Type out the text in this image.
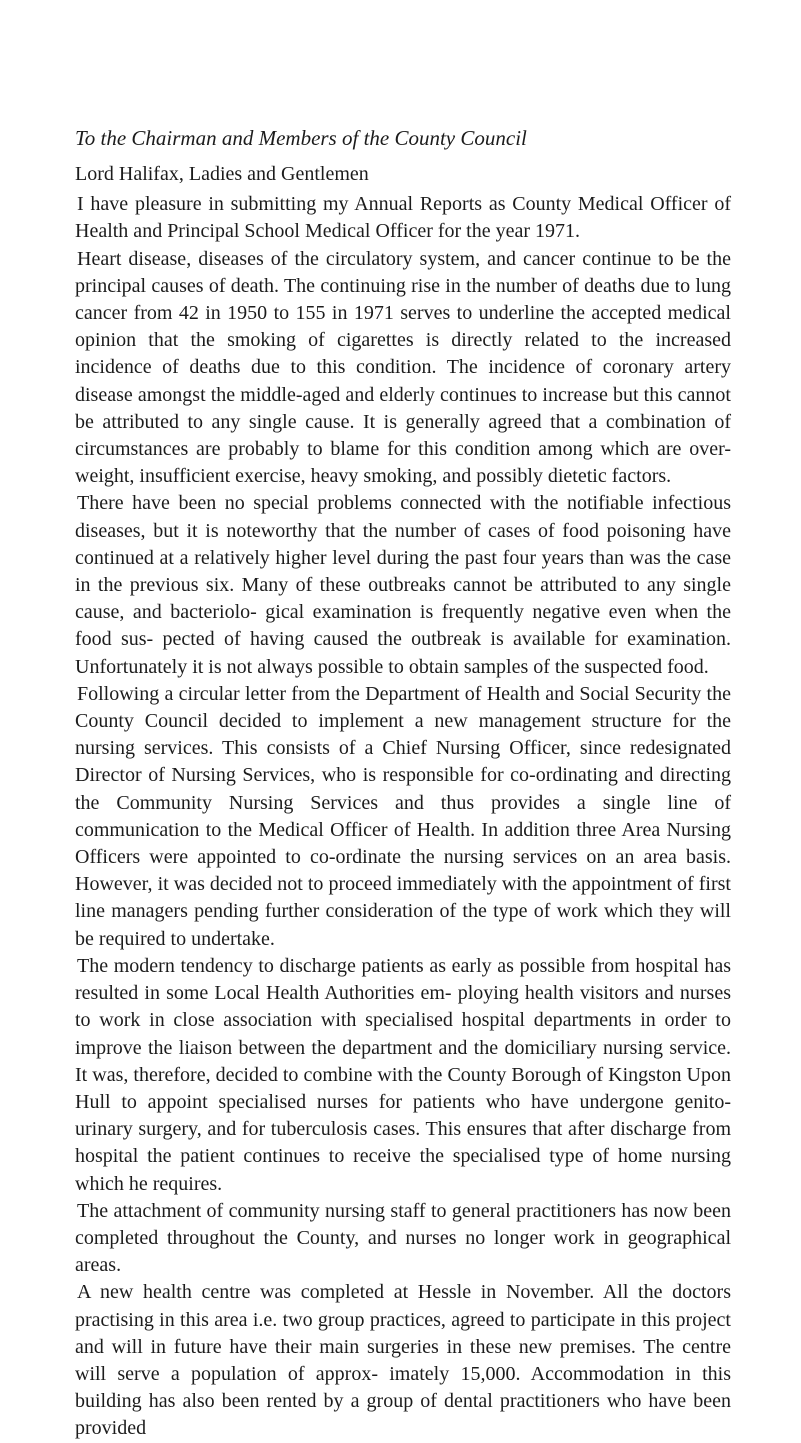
To the Chairman and Members of the County Council
Lord Halifax, Ladies and Gentlemen

I have pleasure in submitting my Annual Reports as County Medical Officer of Health and Principal School Medical Officer for the year 1971.

Heart disease, diseases of the circulatory system, and cancer continue to be the principal causes of death. The continuing rise in the number of deaths due to lung cancer from 42 in 1950 to 155 in 1971 serves to underline the accepted medical opinion that the smoking of cigarettes is directly related to the increased incidence of deaths due to this condition. The incidence of coronary artery disease amongst the middle-aged and elderly continues to increase but this cannot be attributed to any single cause. It is generally agreed that a combination of circumstances are probably to blame for this condition among which are over-weight, insufficient exercise, heavy smoking, and possibly dietetic factors.

There have been no special problems connected with the notifiable infectious diseases, but it is noteworthy that the number of cases of food poisoning have continued at a relatively higher level during the past four years than was the case in the previous six. Many of these outbreaks cannot be attributed to any single cause, and bacteriolo- gical examination is frequently negative even when the food sus- pected of having caused the outbreak is available for examination. Unfortunately it is not always possible to obtain samples of the suspected food.

Following a circular letter from the Department of Health and Social Security the County Council decided to implement a new management structure for the nursing services. This consists of a Chief Nursing Officer, since redesignated Director of Nursing Services, who is responsible for co-ordinating and directing the Community Nursing Services and thus provides a single line of communication to the Medical Officer of Health. In addition three Area Nursing Officers were appointed to co-ordinate the nursing services on an area basis. However, it was decided not to proceed immediately with the appointment of first line managers pending further consideration of the type of work which they will be required to undertake.

The modern tendency to discharge patients as early as possible from hospital has resulted in some Local Health Authorities em- ploying health visitors and nurses to work in close association with specialised hospital departments in order to improve the liaison between the department and the domiciliary nursing service. It was, therefore, decided to combine with the County Borough of Kingston Upon Hull to appoint specialised nurses for patients who have undergone genito-urinary surgery, and for tuberculosis cases. This ensures that after discharge from hospital the patient continues to receive the specialised type of home nursing which he requires.

The attachment of community nursing staff to general practitioners has now been completed throughout the County, and nurses no longer work in geographical areas.

A new health centre was completed at Hessle in November. All the doctors practising in this area i.e. two group practices, agreed to participate in this project and will in future have their main surgeries in these new premises. The centre will serve a population of approx- imately 15,000. Accommodation in this building has also been rented by a group of dental practitioners who have been provided
